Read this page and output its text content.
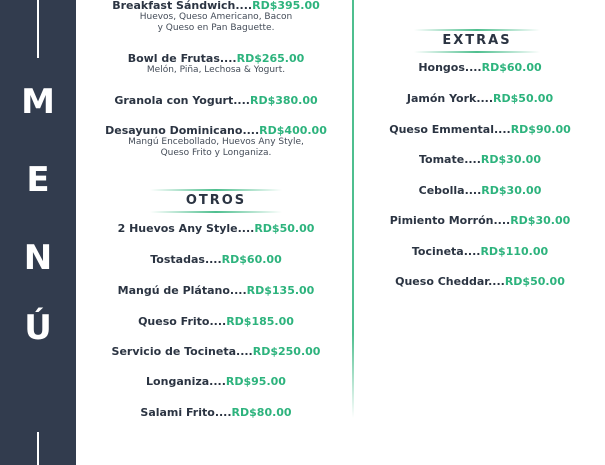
M
E
N
Ú
Breakfast Sándwich....RD$395.00
Huevos, Queso Americano, Bacon
y Queso en Pan Baguette.
Bowl de Frutas....RD$265.00
Melón, Piña, Lechosa & Yogurt.
Granola con Yogurt....RD$380.00
Desayuno Dominicano....RD$400.00
Mangú Encebollado, Huevos Any Style,
Queso Frito y Longaniza.
OTROS
2 Huevos Any Style....RD$50.00
Tostadas....RD$60.00
Mangú de Plátano....RD$135.00
Queso Frito....RD$185.00
Servicio de Tocineta....RD$250.00
Longaniza....RD$95.00
Salami Frito....RD$80.00
EXTRAS
Hongos....RD$60.00
Jamón York....RD$50.00
Queso Emmental....RD$90.00
Tomate....RD$30.00
Cebolla....RD$30.00
Pimiento Morrón....RD$30.00
Tocineta....RD$110.00
Queso Cheddar....RD$50.00
